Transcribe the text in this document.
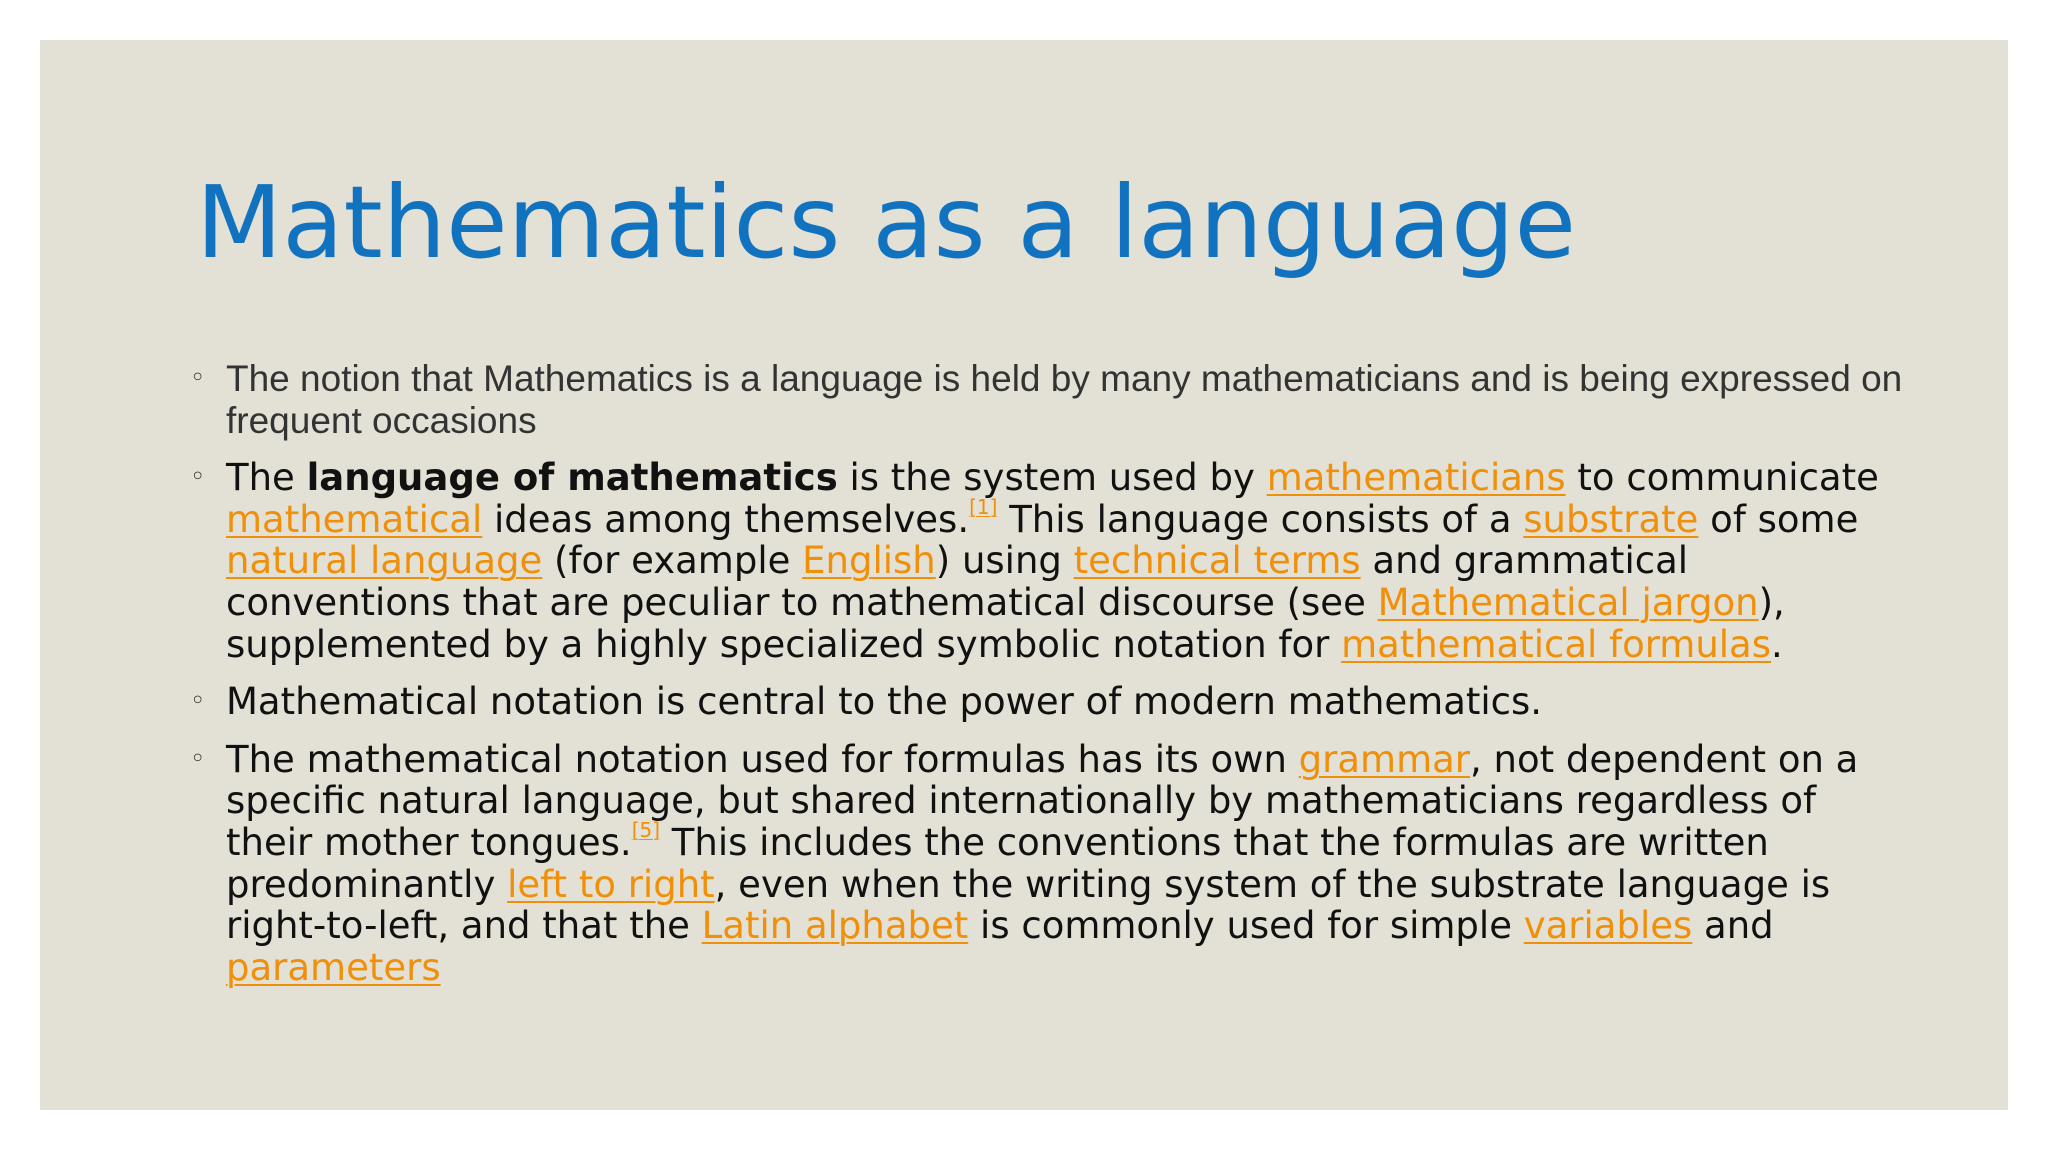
Mathematics as a language
◦ The notion that Mathematics is a language is held by many mathematicians and is being expressed on frequent occasions
◦ The language of mathematics is the system used by mathematicians to communicate mathematical ideas among themselves.[1] This language consists of a substrate of some natural language (for example English) using technical terms and grammatical conventions that are peculiar to mathematical discourse (see Mathematical jargon), supplemented by a highly specialized symbolic notation for mathematical formulas.
◦ Mathematical notation is central to the power of modern mathematics.
◦ The mathematical notation used for formulas has its own grammar, not dependent on a specific natural language, but shared internationally by mathematicians regardless of their mother tongues.[5] This includes the conventions that the formulas are written predominantly left to right, even when the writing system of the substrate language is right-to-left, and that the Latin alphabet is commonly used for simple variables and parameters
